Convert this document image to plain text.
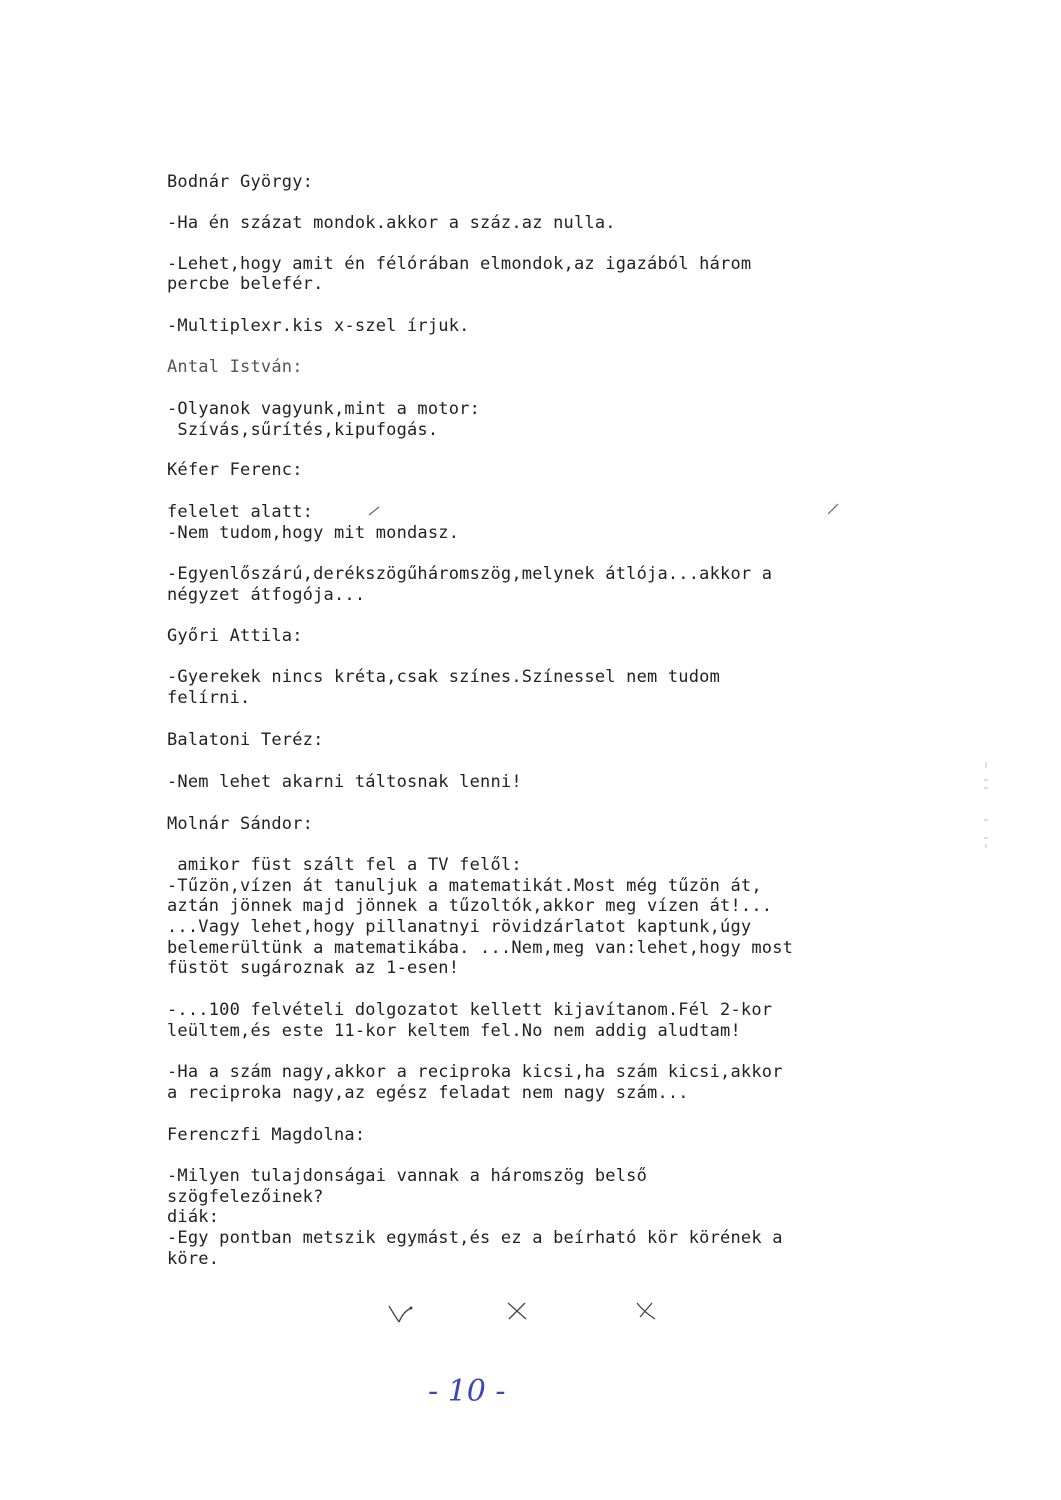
Bodnár György:
-Ha én százat mondok.akkor a száz.az nulla.
-Lehet,hogy amit én félórában elmondok,az igazából három
percbe belefér.
-Multiplexr.kis x-szel írjuk.
Antal István:
-Olyanok vagyunk,mint a motor:
Szívás,sűrítés,kipufogás.
Kéfer Ferenc:
felelet alatt:
-Nem tudom,hogy mit mondasz.
-Egyenlőszárú,derékszögűháromszög,melynek átlója...akkor a
négyzet átfogója...
Győri Attila:
-Gyerekek nincs kréta,csak színes.Színessel nem tudom
felírni.
Balatoni Teréz:
-Nem lehet akarni táltosnak lenni!
Molnár Sándor:
amikor füst szált fel a TV felől:
-Tűzön,vízen át tanuljuk a matematikát.Most még tűzön át,
aztán jönnek majd jönnek a tűzoltók,akkor meg vízen át!...
...Vagy lehet,hogy pillanatnyi rövidzárlatot kaptunk,úgy
belemerültünk a matematikába. ...Nem,meg van:lehet,hogy most
füstöt sugároznak az 1-esen!
-...100 felvételi dolgozatot kellett kijavítanom.Fél 2-kor
leültem,és este 11-kor keltem fel.No nem addig aludtam!
-Ha a szám nagy,akkor a reciproka kicsi,ha szám kicsi,akkor
a reciproka nagy,az egész feladat nem nagy szám...
Ferenczfi Magdolna:
-Milyen tulajdonságai vannak a háromszög belső
szögfelezőinek?
diák:
-Egy pontban metszik egymást,és ez a beírható kör körének a
köre.
- 10 -
